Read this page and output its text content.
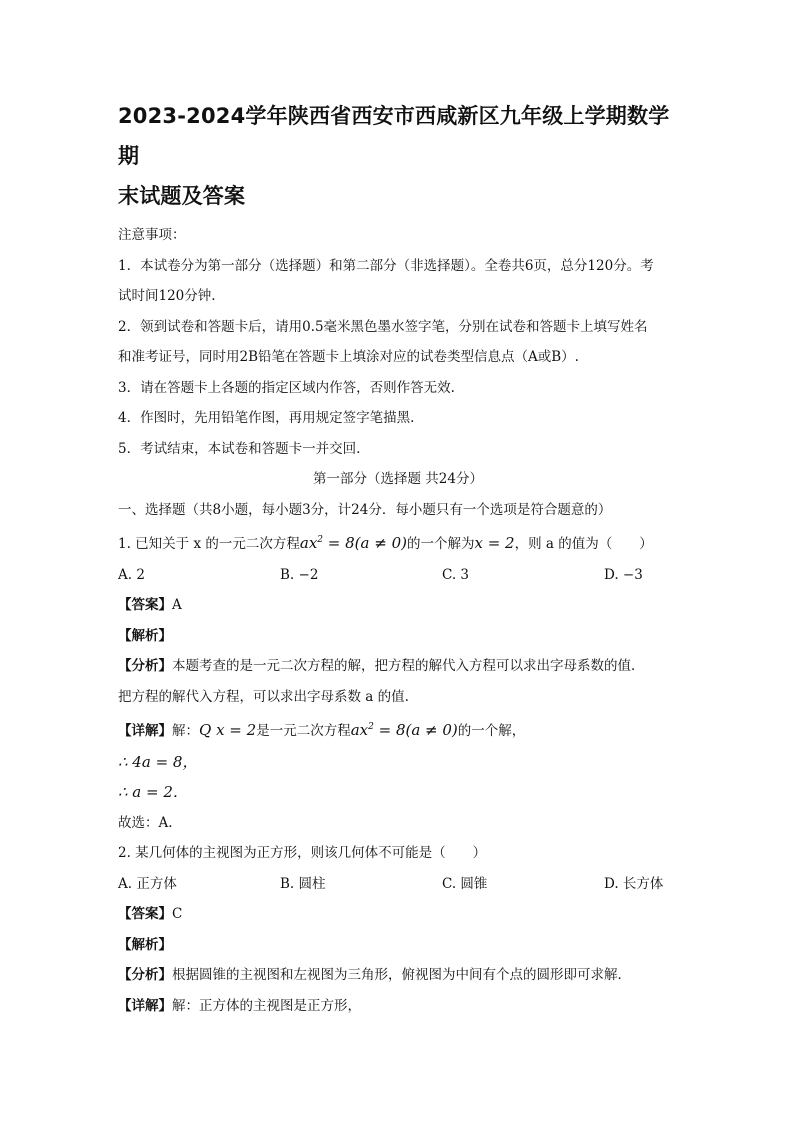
2023-2024学年陕西省西安市西咸新区九年级上学期数学期
末试题及答案

注意事项：

1．本试卷分为第一部分（选择题）和第二部分（非选择题）。全卷共6页，总分120分。考

试时间120分钟.

2．领到试卷和答题卡后，请用0.5毫米黑色墨水签字笔，分别在试卷和答题卡上填写姓名

和准考证号，同时用2B铅笔在答题卡上填涂对应的试卷类型信息点（A或B）.

3．请在答题卡上各题的指定区域内作答，否则作答无效.

4．作图时，先用铅笔作图，再用规定签字笔描黑.

5．考试结束，本试卷和答题卡一并交回.

第一部分（选择题 共24分）

一、选择题（共8小题，每小题3分，计24分．每小题只有一个选项是符合题意的）

1. 已知关于 x 的一元二次方程$ax^2 = 8(a \ne 0)$的一个解为x = 2，则 a 的值为（　　）

A. 2	B. −2	C. 3	D. −3

【答案】A

【解析】

【分析】本题考查的是一元二次方程的解，把方程的解代入方程可以求出字母系数的值．

把方程的解代入方程，可以求出字母系数 a 的值.

【详解】解：Q x = 2是一元二次方程$ax^2 = 8(a \ne 0)$的一个解，

∴ 4a = 8，

∴ a = 2．

故选：A.

2. 某几何体的主视图为正方形，则该几何体不可能是（　　）

A. 正方体	B. 圆柱	C. 圆锥	D. 长方体

【答案】C

【解析】

【分析】根据圆锥的主视图和左视图为三角形，俯视图为中间有个点的圆形即可求解．

【详解】解：正方体的主视图是正方形，
